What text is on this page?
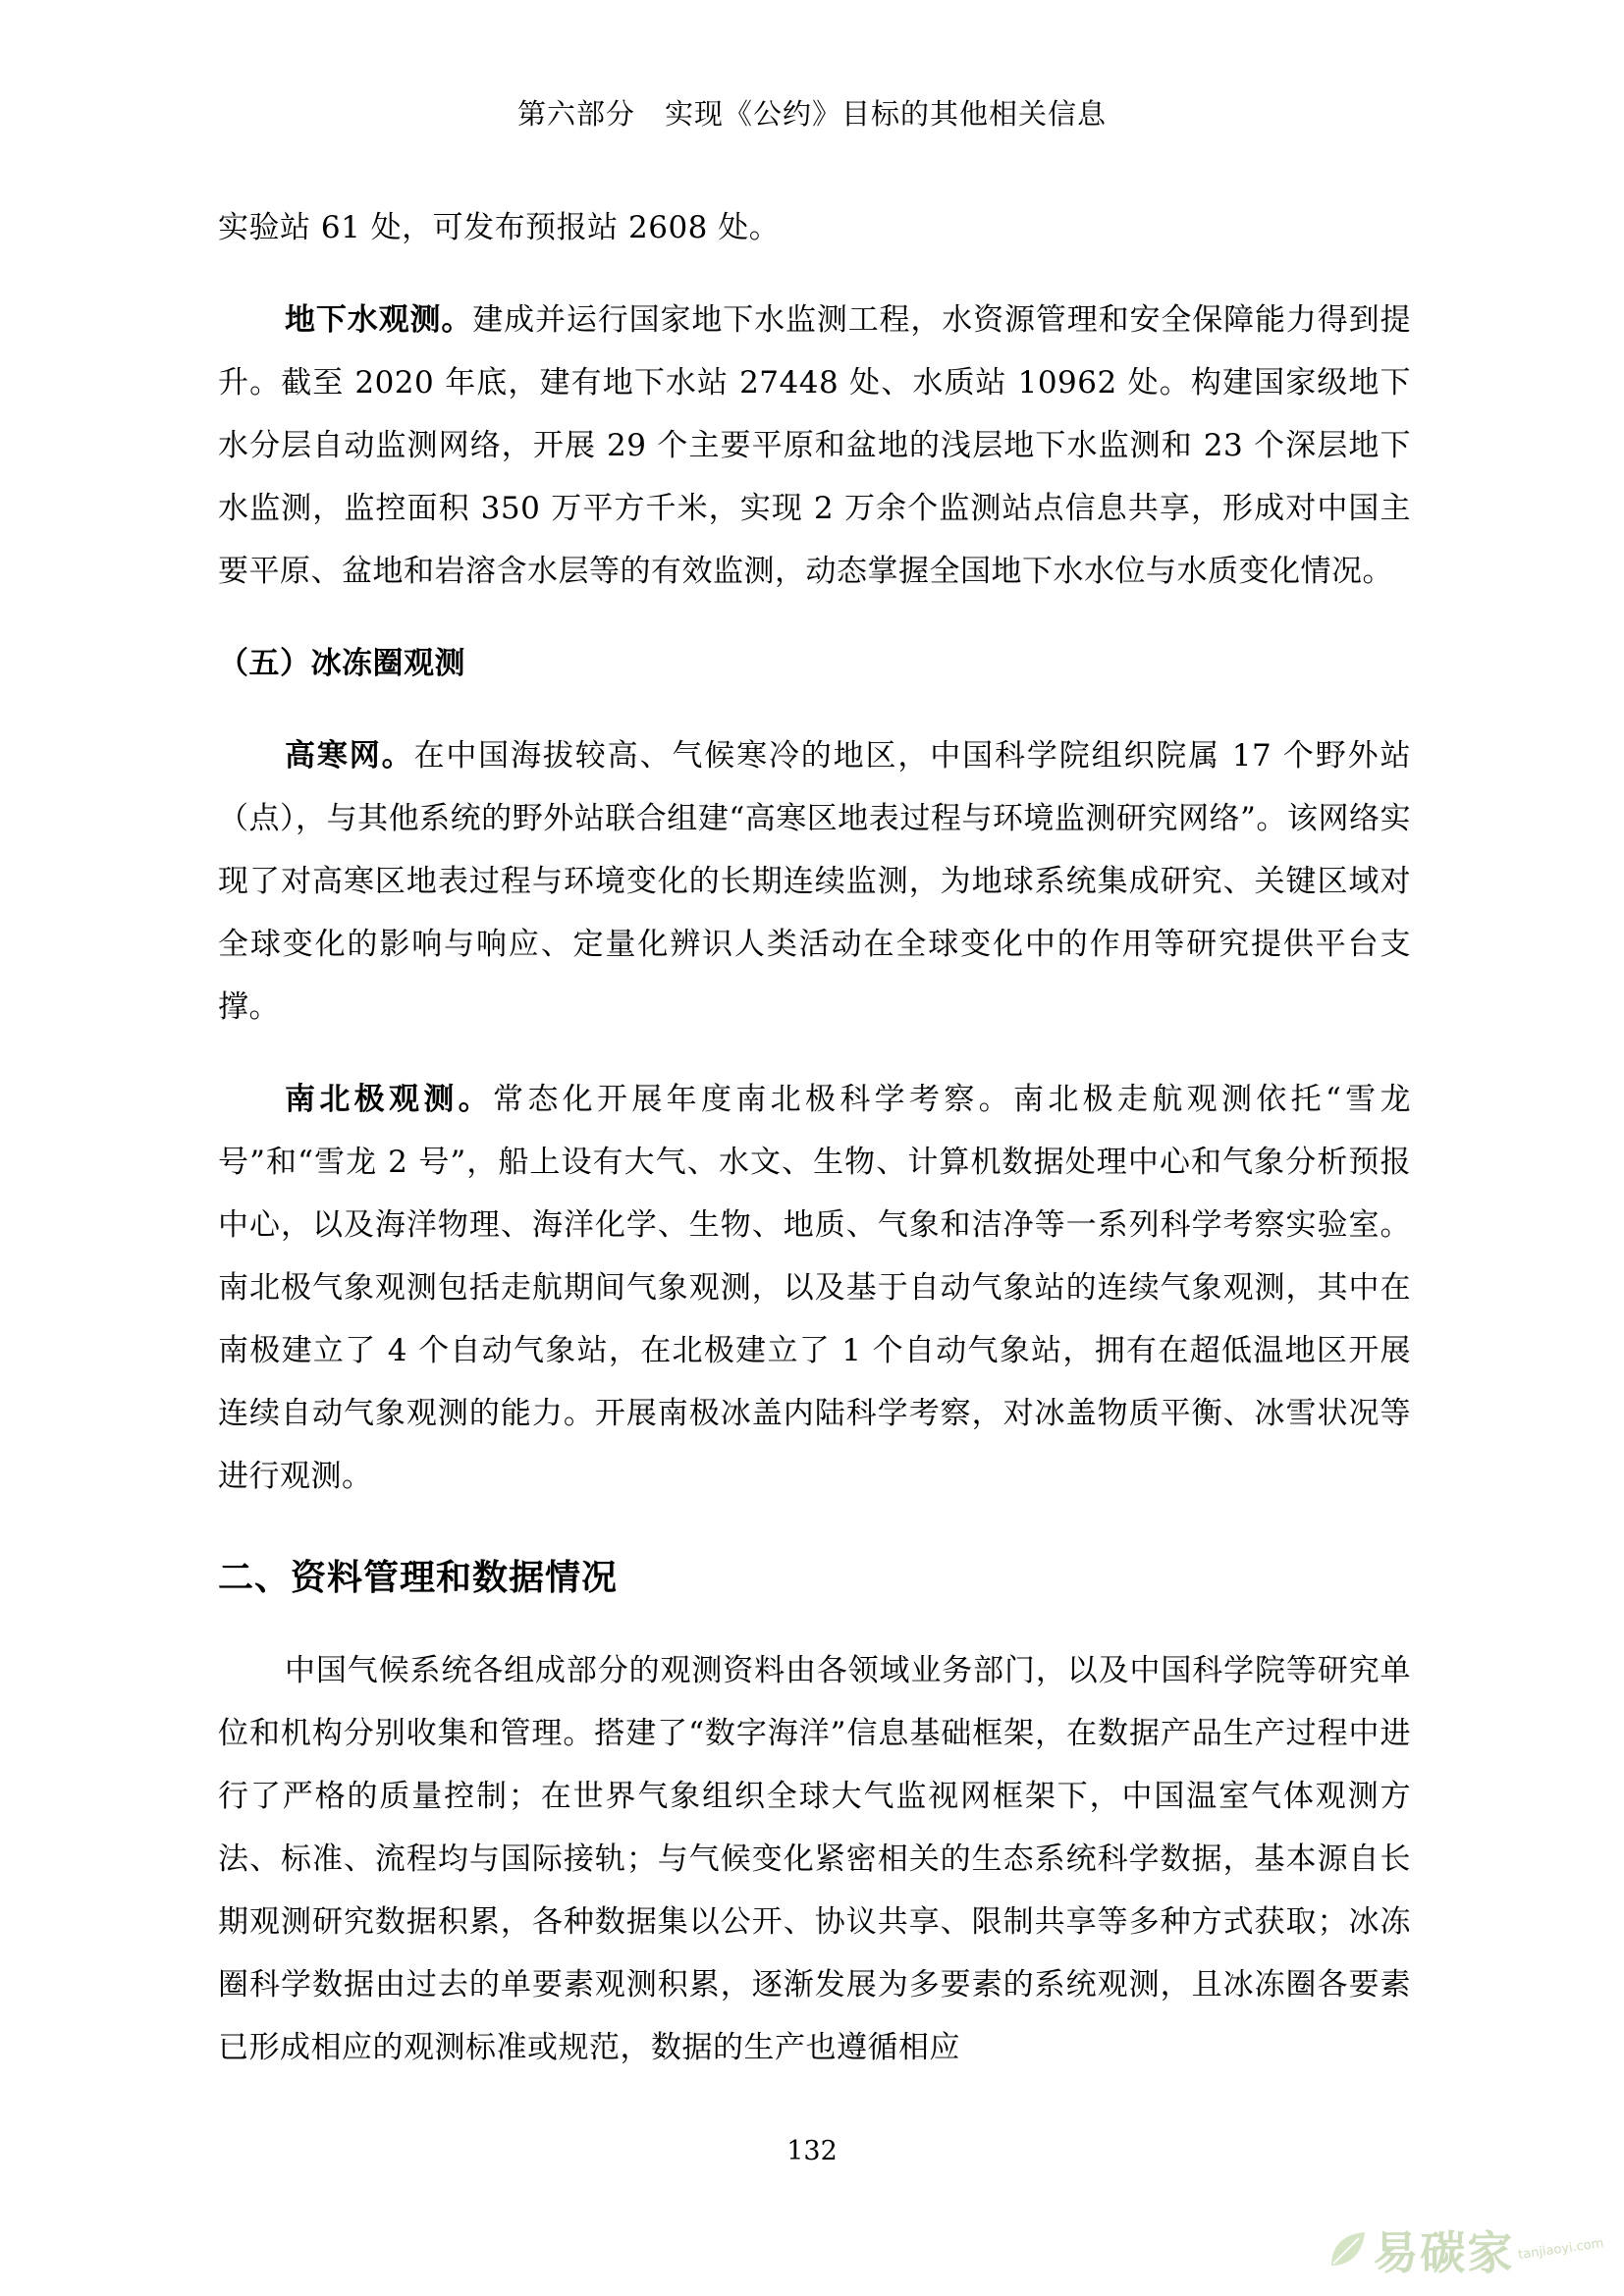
第六部分　实现《公约》目标的其他相关信息

实验站 61 处，可发布预报站 2608 处。

地下水观测。建成并运行国家地下水监测工程，水资源管理和安全保障能力得到提升。截至 2020 年底，建有地下水站 27448 处、水质站 10962 处。构建国家级地下水分层自动监测网络，开展 29 个主要平原和盆地的浅层地下水监测和 23 个深层地下水监测，监控面积 350 万平方千米，实现 2 万余个监测站点信息共享，形成对中国主要平原、盆地和岩溶含水层等的有效监测，动态掌握全国地下水水位与水质变化情况。

（五）冰冻圈观测

高寒网。在中国海拔较高、气候寒冷的地区，中国科学院组织院属 17 个野外站（点），与其他系统的野外站联合组建“高寒区地表过程与环境监测研究网络”。该网络实现了对高寒区地表过程与环境变化的长期连续监测，为地球系统集成研究、关键区域对全球变化的影响与响应、定量化辨识人类活动在全球变化中的作用等研究提供平台支撑。

南北极观测。常态化开展年度南北极科学考察。南北极走航观测依托“雪龙号”和“雪龙 2 号”，船上设有大气、水文、生物、计算机数据处理中心和气象分析预报中心，以及海洋物理、海洋化学、生物、地质、气象和洁净等一系列科学考察实验室。南北极气象观测包括走航期间气象观测，以及基于自动气象站的连续气象观测，其中在南极建立了 4 个自动气象站，在北极建立了 1 个自动气象站，拥有在超低温地区开展连续自动气象观测的能力。开展南极冰盖内陆科学考察，对冰盖物质平衡、冰雪状况等进行观测。

二、资料管理和数据情况

中国气候系统各组成部分的观测资料由各领域业务部门，以及中国科学院等研究单位和机构分别收集和管理。搭建了“数字海洋”信息基础框架，在数据产品生产过程中进行了严格的质量控制；在世界气象组织全球大气监视网框架下，中国温室气体观测方法、标准、流程均与国际接轨；与气候变化紧密相关的生态系统科学数据，基本源自长期观测研究数据积累，各种数据集以公开、协议共享、限制共享等多种方式获取；冰冻圈科学数据由过去的单要素观测积累，逐渐发展为多要素的系统观测，且冰冻圈各要素已形成相应的观测标准或规范，数据的生产也遵循相应

132
易碳家 tanjiaoyi.com
